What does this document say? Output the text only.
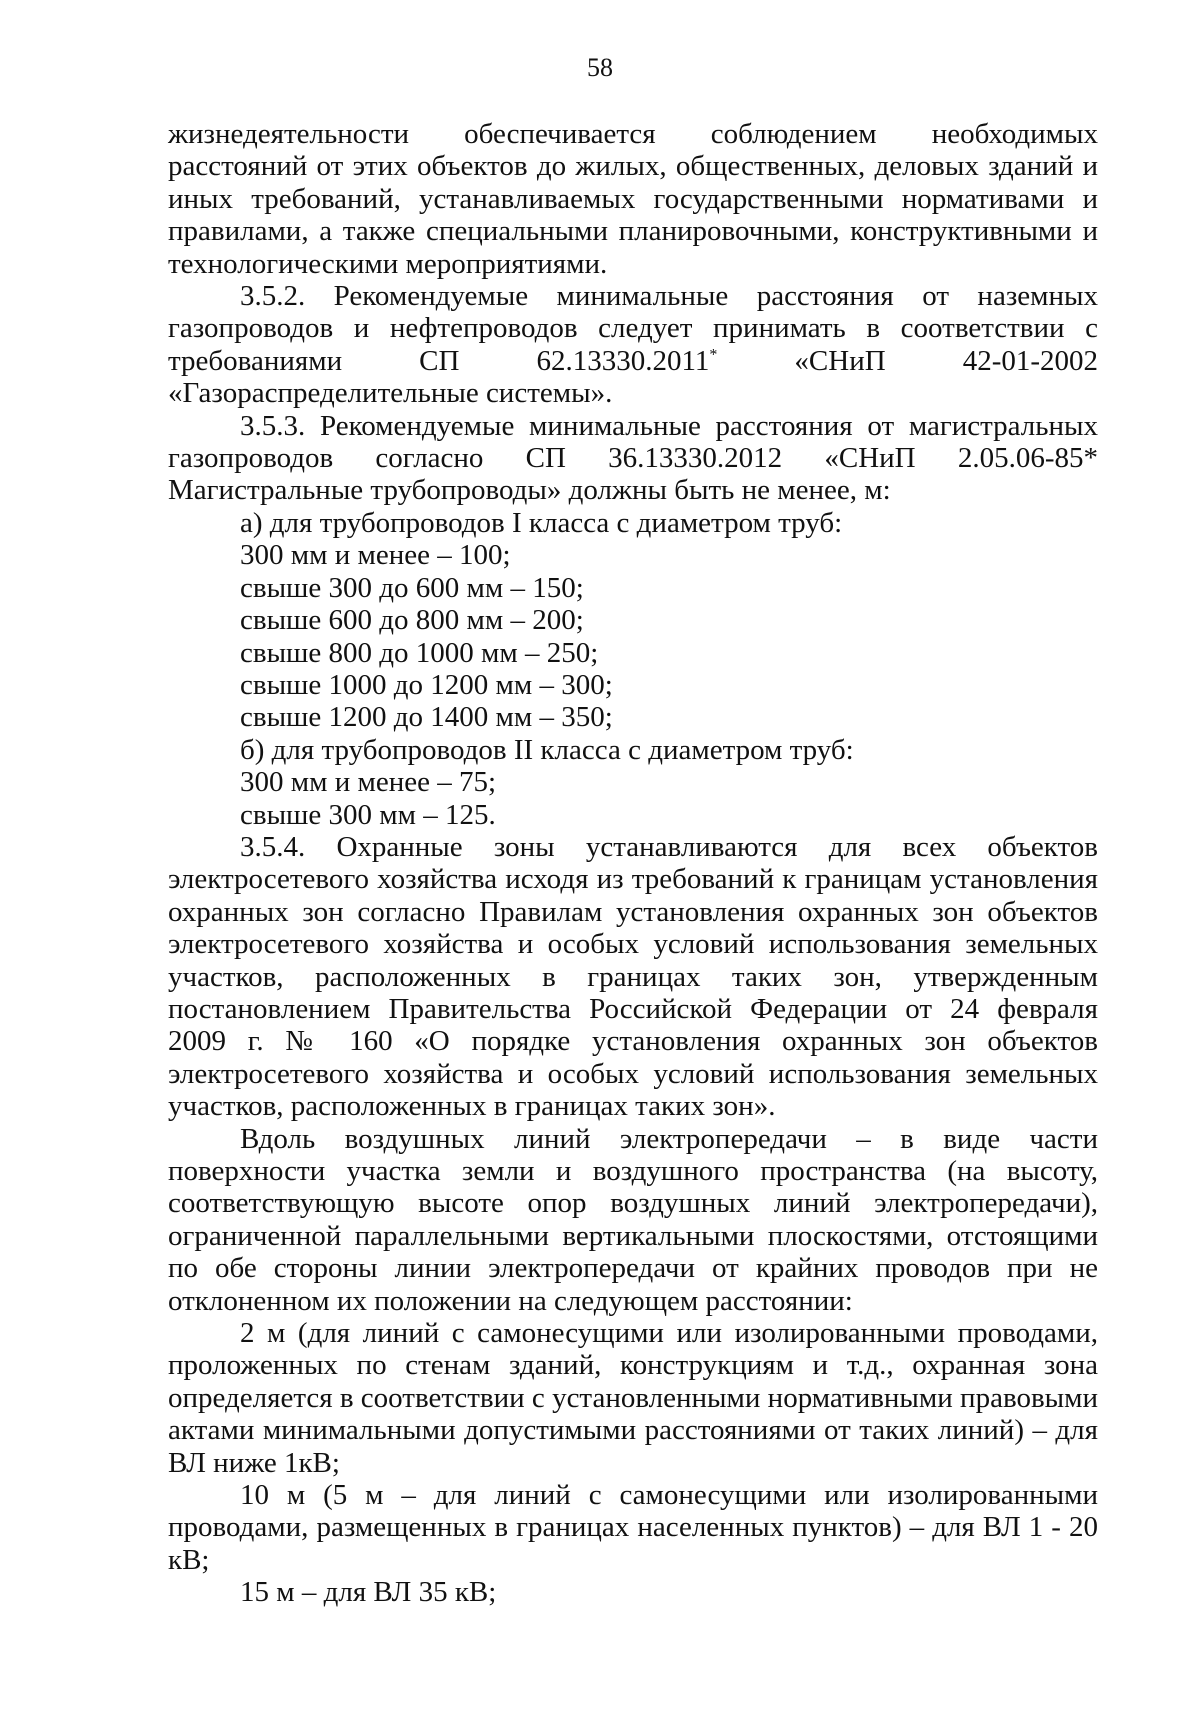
58

жизнедеятельности обеспечивается соблюдением необходимых расстояний от этих объектов до жилых, общественных, деловых зданий и иных требований, устанавливаемых государственными нормативами и правилами, а также специальными планировочными, конструктивными и технологическими мероприятиями.

3.5.2. Рекомендуемые минимальные расстояния от наземных газопроводов и нефтепроводов следует принимать в соответствии с требованиями СП 62.13330.2011* «СНиП 42-01-2002 «Газораспределительные системы».

3.5.3. Рекомендуемые минимальные расстояния от магистральных газопроводов согласно СП 36.13330.2012 «СНиП 2.05.06-85* Магистральные трубопроводы» должны быть не менее, м:

а) для трубопроводов I класса с диаметром труб:

300 мм и менее – 100;

свыше 300 до 600 мм – 150;

свыше 600 до 800 мм – 200;

свыше 800 до 1000 мм – 250;

свыше 1000 до 1200 мм – 300;

свыше 1200 до 1400 мм – 350;

б) для трубопроводов II класса с диаметром труб:

300 мм и менее – 75;

свыше 300 мм – 125.

3.5.4. Охранные зоны устанавливаются для всех объектов электросетевого хозяйства исходя из требований к границам установления охранных зон согласно Правилам установления охранных зон объектов электросетевого хозяйства и особых условий использования земельных участков, расположенных в границах таких зон, утвержденным постановлением Правительства Российской Федерации от 24 февраля 2009 г. № 160 «О порядке установления охранных зон объектов электросетевого хозяйства и особых условий использования земельных участков, расположенных в границах таких зон».

Вдоль воздушных линий электропередачи – в виде части поверхности участка земли и воздушного пространства (на высоту, соответствующую высоте опор воздушных линий электропередачи), ограниченной параллельными вертикальными плоскостями, отстоящими по обе стороны линии электропередачи от крайних проводов при не отклоненном их положении на следующем расстоянии:

2 м (для линий с самонесущими или изолированными проводами, проложенных по стенам зданий, конструкциям и т.д., охранная зона определяется в соответствии с установленными нормативными правовыми актами минимальными допустимыми расстояниями от таких линий) – для ВЛ ниже 1кВ;

10 м (5 м – для линий с самонесущими или изолированными проводами, размещенных в границах населенных пунктов) – для ВЛ 1 - 20 кВ;

15 м – для ВЛ 35 кВ;
